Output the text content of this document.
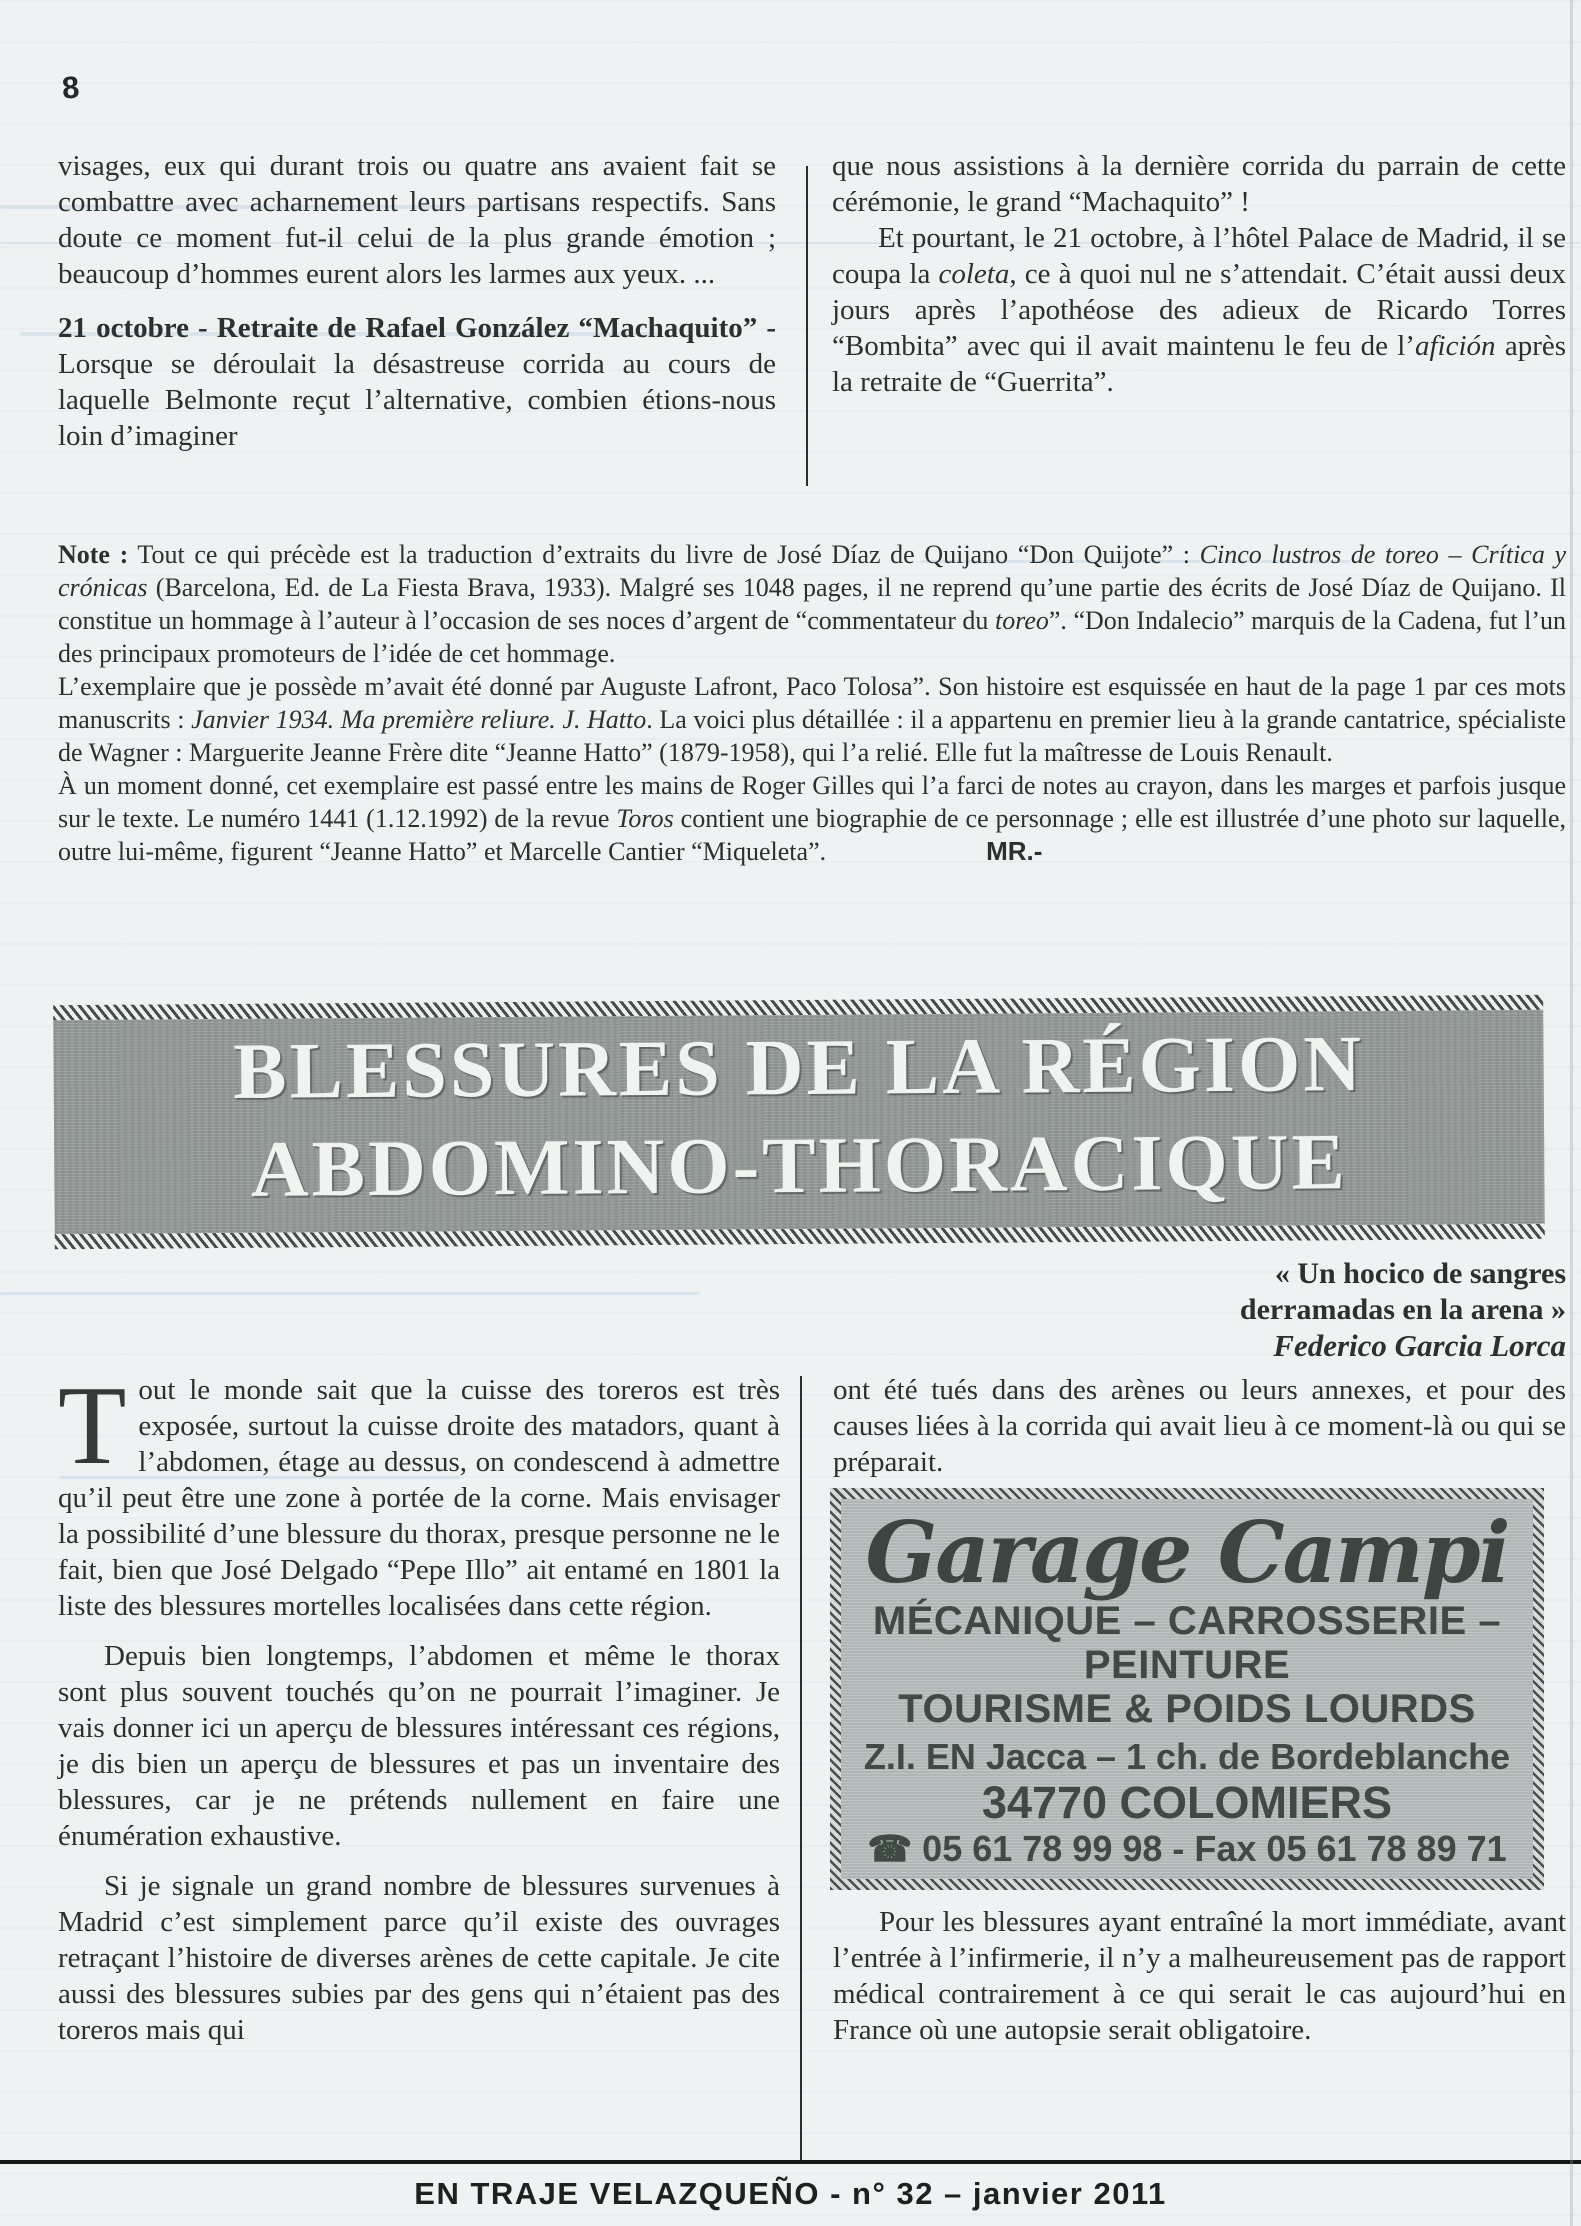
8

visages, eux qui durant trois ou quatre ans avaient fait se combattre avec acharnement leurs partisans respectifs. Sans doute ce moment fut-il celui de la plus grande émotion ; beaucoup d’hommes eurent alors les larmes aux yeux. ...

21 octobre - Retraite de Rafael González “Machaquito” - Lorsque se déroulait la désastreuse corrida au cours de laquelle Belmonte reçut l’alternative, combien étions-nous loin d’imaginer

que nous assistions à la dernière corrida du parrain de cette cérémonie, le grand “Machaquito” !

Et pourtant, le 21 octobre, à l’hôtel Palace de Madrid, il se coupa la coleta, ce à quoi nul ne s’attendait. C’était aussi deux jours après l’apothéose des adieux de Ricardo Torres “Bombita” avec qui il avait maintenu le feu de l’afición après la retraite de “Guerrita”.

Note : Tout ce qui précède est la traduction d’extraits du livre de José Díaz de Quijano “Don Quijote” : Cinco lustros de toreo – Crítica y crónicas (Barcelona, Ed. de La Fiesta Brava, 1933). Malgré ses 1048 pages, il ne reprend qu’une partie des écrits de José Díaz de Quijano. Il constitue un hommage à l’auteur à l’occasion de ses noces d’argent de “commentateur du toreo”. “Don Indalecio” marquis de la Cadena, fut l’un des principaux promoteurs de l’idée de cet hommage.

L’exemplaire que je possède m’avait été donné par Auguste Lafront, Paco Tolosa”. Son histoire est esquissée en haut de la page 1 par ces mots manuscrits : Janvier 1934. Ma première reliure. J. Hatto. La voici plus détaillée : il a appartenu en premier lieu à la grande cantatrice, spécialiste de Wagner : Marguerite Jeanne Frère dite “Jeanne Hatto” (1879-1958), qui l’a relié. Elle fut la maîtresse de Louis Renault.

À un moment donné, cet exemplaire est passé entre les mains de Roger Gilles qui l’a farci de notes au crayon, dans les marges et parfois jusque sur le texte. Le numéro 1441 (1.12.1992) de la revue Toros contient une biographie de ce personnage ; elle est illustrée d’une photo sur laquelle, outre lui-même, figurent “Jeanne Hatto” et Marcelle Cantier “Miqueleta”.	MR.-

BLESSURES DE LA RÉGION
ABDOMINO-THORACIQUE
« Un hocico de sangres
derramadas en la arena »
Federico Garcia Lorca

Tout le monde sait que la cuisse des toreros est très exposée, surtout la cuisse droite des matadors, quant à l’abdomen, étage au dessus, on condescend à admettre qu’il peut être une zone à portée de la corne. Mais envisager la possibilité d’une blessure du thorax, presque personne ne le fait, bien que José Delgado “Pepe Illo” ait entamé en 1801 la liste des blessures mortelles localisées dans cette région.

Depuis bien longtemps, l’abdomen et même le thorax sont plus souvent touchés qu’on ne pourrait l’imaginer. Je vais donner ici un aperçu de blessures intéressant ces régions, je dis bien un aperçu de blessures et pas un inventaire des blessures, car je ne prétends nullement en faire une énumération exhaustive.

Si je signale un grand nombre de blessures survenues à Madrid c’est simplement parce qu’il existe des ouvrages retraçant l’histoire de diverses arènes de cette capitale. Je cite aussi des blessures subies par des gens qui n’étaient pas des toreros mais qui

ont été tués dans des arènes ou leurs annexes, et pour des causes liées à la corrida qui avait lieu à ce moment-là ou qui se préparait.

Garage Campi
MÉCANIQUE – CARROSSERIE –
PEINTURE
TOURISME & POIDS LOURDS
Z.I. EN Jacca – 1 ch. de Bordeblanche
34770 COLOMIERS
☎ 05 61 78 99 98 - Fax 05 61 78 89 71

Pour les blessures ayant entraîné la mort immédiate, avant l’entrée à l’infirmerie, il n’y a malheureusement pas de rapport médical contrairement à ce qui serait le cas aujourd’hui en France où une autopsie serait obligatoire.

EN TRAJE VELAZQUEÑO - n° 32 – janvier 2011
